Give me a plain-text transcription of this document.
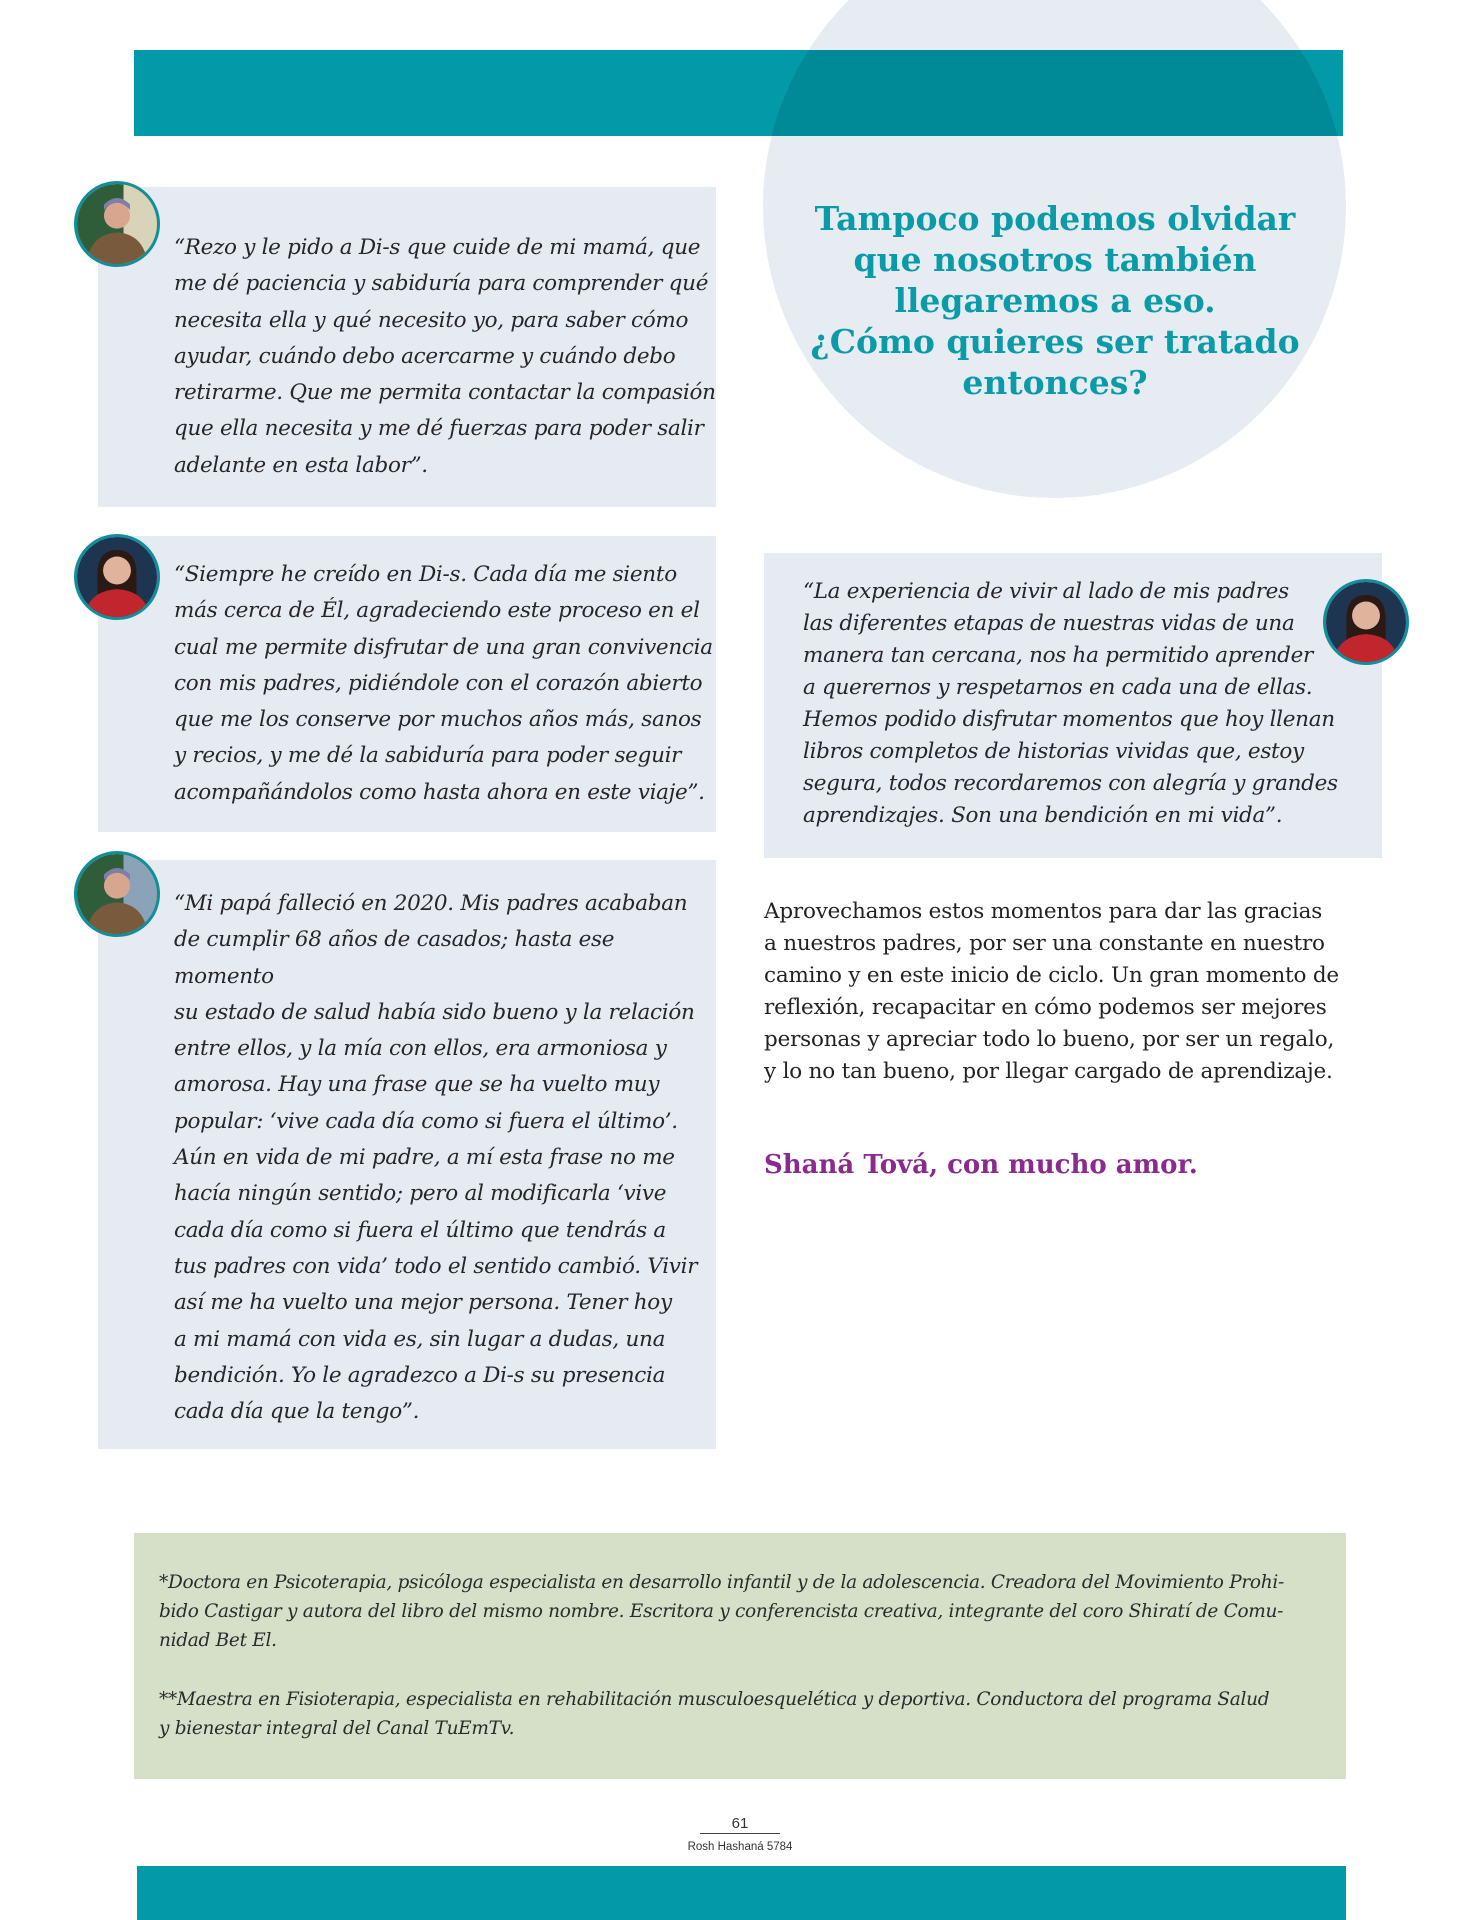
Tampoco podemos olvidar
que nosotros también
llegaremos a eso.
¿Cómo quieres ser tratado
entonces?

“Rezo y le pido a Di-s que cuide de mi mamá, que
me dé paciencia y sabiduría para comprender qué
necesita ella y qué necesito yo, para saber cómo
ayudar, cuándo debo acercarme y cuándo debo
retirarme. Que me permita contactar la compasión
que ella necesita y me dé fuerzas para poder salir
adelante en esta labor”.

“Siempre he creído en Di-s. Cada día me siento
más cerca de Él, agradeciendo este proceso en el
cual me permite disfrutar de una gran convivencia
con mis padres, pidiéndole con el corazón abierto
que me los conserve por muchos años más, sanos
y recios, y me dé la sabiduría para poder seguir
acompañándolos como hasta ahora en este viaje”.

“Mi papá falleció en 2020. Mis padres acababan
de cumplir 68 años de casados; hasta ese momento
su estado de salud había sido bueno y la relación
entre ellos, y la mía con ellos, era armoniosa y
amorosa. Hay una frase que se ha vuelto muy
popular: ‘vive cada día como si fuera el último’.
Aún en vida de mi padre, a mí esta frase no me
hacía ningún sentido; pero al modificarla ‘vive
cada día como si fuera el último que tendrás a
tus padres con vida’ todo el sentido cambió. Vivir
así me ha vuelto una mejor persona. Tener hoy
a mi mamá con vida es, sin lugar a dudas, una
bendición. Yo le agradezco a Di-s su presencia
cada día que la tengo”.

“La experiencia de vivir al lado de mis padres
las diferentes etapas de nuestras vidas de una
manera tan cercana, nos ha permitido aprender
a querernos y respetarnos en cada una de ellas.
Hemos podido disfrutar momentos que hoy llenan
libros completos de historias vividas que, estoy
segura, todos recordaremos con alegría y grandes
aprendizajes. Son una bendición en mi vida”.

Aprovechamos estos momentos para dar las gracias
a nuestros padres, por ser una constante en nuestro
camino y en este inicio de ciclo. Un gran momento de
reflexión, recapacitar en cómo podemos ser mejores
personas y apreciar todo lo bueno, por ser un regalo,
y lo no tan bueno, por llegar cargado de aprendizaje.

Shaná Tová, con mucho amor.

*Doctora en Psicoterapia, psicóloga especialista en desarrollo infantil y de la adolescencia. Creadora del Movimiento Prohi-
bido Castigar y autora del libro del mismo nombre. Escritora y conferencista creativa, integrante del coro Shiratí de Comu-
nidad Bet El.

**Maestra en Fisioterapia, especialista en rehabilitación musculoesquelética y deportiva. Conductora del programa Salud
y bienestar integral del Canal TuEmTv.

61
Rosh Hashaná 5784
